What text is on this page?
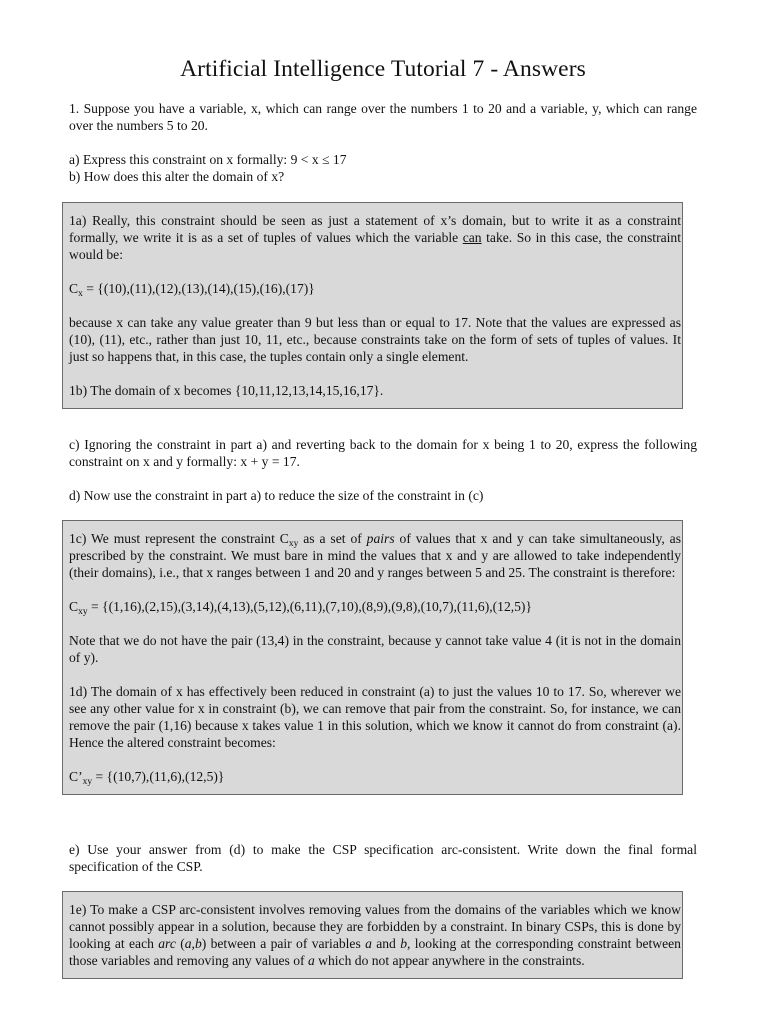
Artificial Intelligence Tutorial 7 - Answers

1. Suppose you have a variable, x, which can range over the numbers 1 to 20 and a variable, y, which can range over the numbers 5 to 20.

a) Express this constraint on x formally: 9 < x ≤ 17

b) How does this alter the domain of x?

1a) Really, this constraint should be seen as just a statement of x’s domain, but to write it as a constraint formally, we write it is as a set of tuples of values which the variable can take. So in this case, the constraint would be:

$C_x = \{(10),(11),(12),(13),(14),(15),(16),(17)\}$

because x can take any value greater than 9 but less than or equal to 17. Note that the values are expressed as (10), (11), etc., rather than just 10, 11, etc., because constraints take on the form of sets of tuples of values. It just so happens that, in this case, the tuples contain only a single element.

1b) The domain of x becomes {10,11,12,13,14,15,16,17}.

c) Ignoring the constraint in part a) and reverting back to the domain for x being 1 to 20, express the following constraint on x and y formally: x + y = 17.

d) Now use the constraint in part a) to reduce the size of the constraint in (c)

1c) We must represent the constraint $C_{xy}$ as a set of pairs of values that x and y can take simultaneously, as prescribed by the constraint. We must bare in mind the values that x and y are allowed to take independently (their domains), i.e., that x ranges between 1 and 20 and y ranges between 5 and 25. The constraint is therefore:

$C_{xy} = \{(1,16),(2,15),(3,14),(4,13),(5,12),(6,11),(7,10),(8,9),(9,8),(10,7),(11,6),(12,5)\}$

Note that we do not have the pair (13,4) in the constraint, because y cannot take value 4 (it is not in the domain of y).

1d) The domain of x has effectively been reduced in constraint (a) to just the values 10 to 17. So, wherever we see any other value for x in constraint (b), we can remove that pair from the constraint. So, for instance, we can remove the pair (1,16) because x takes value 1 in this solution, which we know it cannot do from constraint (a). Hence the altered constraint becomes:

$C’_{xy} = \{(10,7),(11,6),(12,5)\}$

e) Use your answer from (d) to make the CSP specification arc-consistent. Write down the final formal specification of the CSP.

1e) To make a CSP arc-consistent involves removing values from the domains of the variables which we know cannot possibly appear in a solution, because they are forbidden by a constraint. In binary CSPs, this is done by looking at each arc (a,b) between a pair of variables a and b, looking at the corresponding constraint between those variables and removing any values of a which do not appear anywhere in the constraints.
